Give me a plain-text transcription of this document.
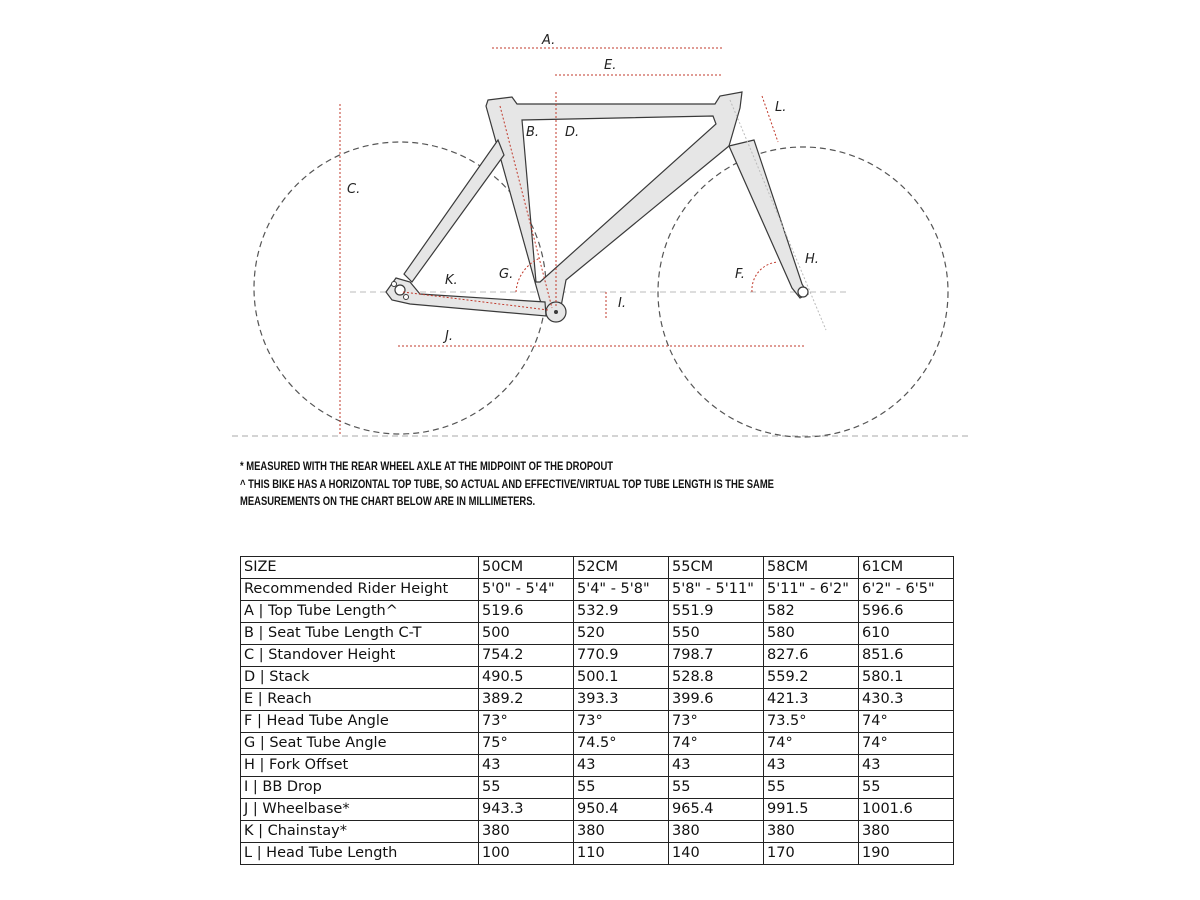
A.
E.
L.
B. D.
C.
H.
G.	F.
K.
I.
J.
* MEASURED WITH THE REAR WHEEL AXLE AT THE MIDPOINT OF THE DROPOUT
^ THIS BIKE HAS A HORIZONTAL TOP TUBE, SO ACTUAL AND EFFECTIVE/VIRTUAL TOP TUBE LENGTH IS THE SAME
MEASUREMENTS ON THE CHART BELOW ARE IN MILLIMETERS.
SIZE	50CM	52CM	55CM	58CM	61CM
Recommended Rider Height	5'0" - 5'4"	5'4" - 5'8"	5'8" - 5'11"	5'11" - 6'2"	6'2" - 6'5"
A | Top Tube Length^	519.6	532.9	551.9	582	596.6
B | Seat Tube Length C-T	500	520	550	580	610
C | Standover Height	754.2	770.9	798.7	827.6	851.6
D | Stack	490.5	500.1	528.8	559.2	580.1
E | Reach	389.2	393.3	399.6	421.3	430.3
F | Head Tube Angle	73°	73°	73°	73.5°	74°
G | Seat Tube Angle	75°	74.5°	74°	74°	74°
H | Fork Offset	43	43	43	43	43
I | BB Drop	55	55	55	55	55
J | Wheelbase*	943.3	950.4	965.4	991.5	1001.6
K | Chainstay*	380	380	380	380	380
L | Head Tube Length	100	110	140	170	190
